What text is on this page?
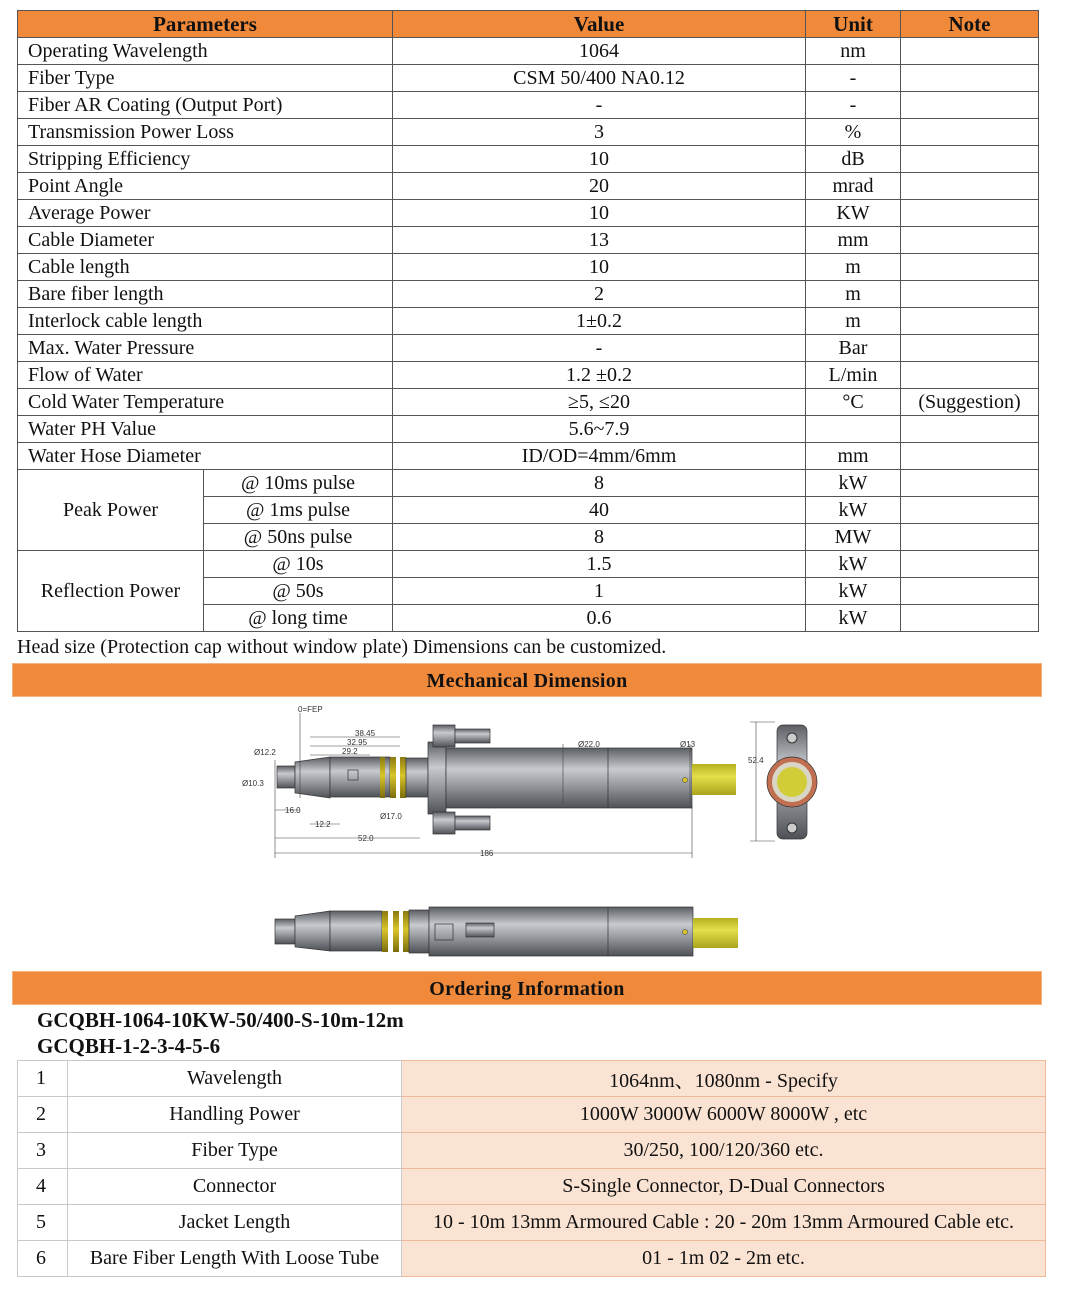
Parameters		Value	Unit	Note
Operating Wavelength		1064	nm	
Fiber Type		CSM 50/400 NA0.12	-	
Fiber AR Coating (Output Port)		-	-	
Transmission Power Loss		3	%	
Stripping Efficiency		10	dB	
Point Angle		20	mrad	
Average Power		10	KW	
Cable Diameter		13	mm	
Cable length		10	m	
Bare fiber length		2	m	
Interlock cable length		1±0.2	m	
Max. Water Pressure		-	Bar	
Flow of Water		1.2 ±0.2	L/min	
Cold Water Temperature		≥5, ≤20	°C	(Suggestion)
Water PH Value		5.6~7.9		
Water Hose Diameter		ID/OD=4mm/6mm	mm	
Peak Power	@ 10ms pulse	8	kW	
	@ 1ms pulse	40	kW	
	@ 50ns pulse	8	MW	
Reflection Power	@ 10s	1.5	kW	
	@ 50s	1	kW	
	@ long time	0.6	kW	
Head size (Protection cap without window plate) Dimensions can be customized.
Mechanical Dimension
0=FEP
38.45
32.95
29.2
Ø12.2
Ø10.3
16.0
12.2
Ø17.0
52.0
186
Ø22.0	Ø13
52.4
Ordering Information
GCQBH-1064-10KW-50/400-S-10m-12m
GCQBH-1-2-3-4-5-6
1	Wavelength	1064nm、1080nm - Specify
2	Handling Power	1000W 3000W 6000W 8000W , etc
3	Fiber Type	30/250, 100/120/360 etc.
4	Connector	S-Single Connector, D-Dual Connectors
5	Jacket Length	10 - 10m 13mm Armoured Cable : 20 - 20m 13mm Armoured Cable etc.
6	Bare Fiber Length With Loose Tube	01 - 1m 02 - 2m etc.
